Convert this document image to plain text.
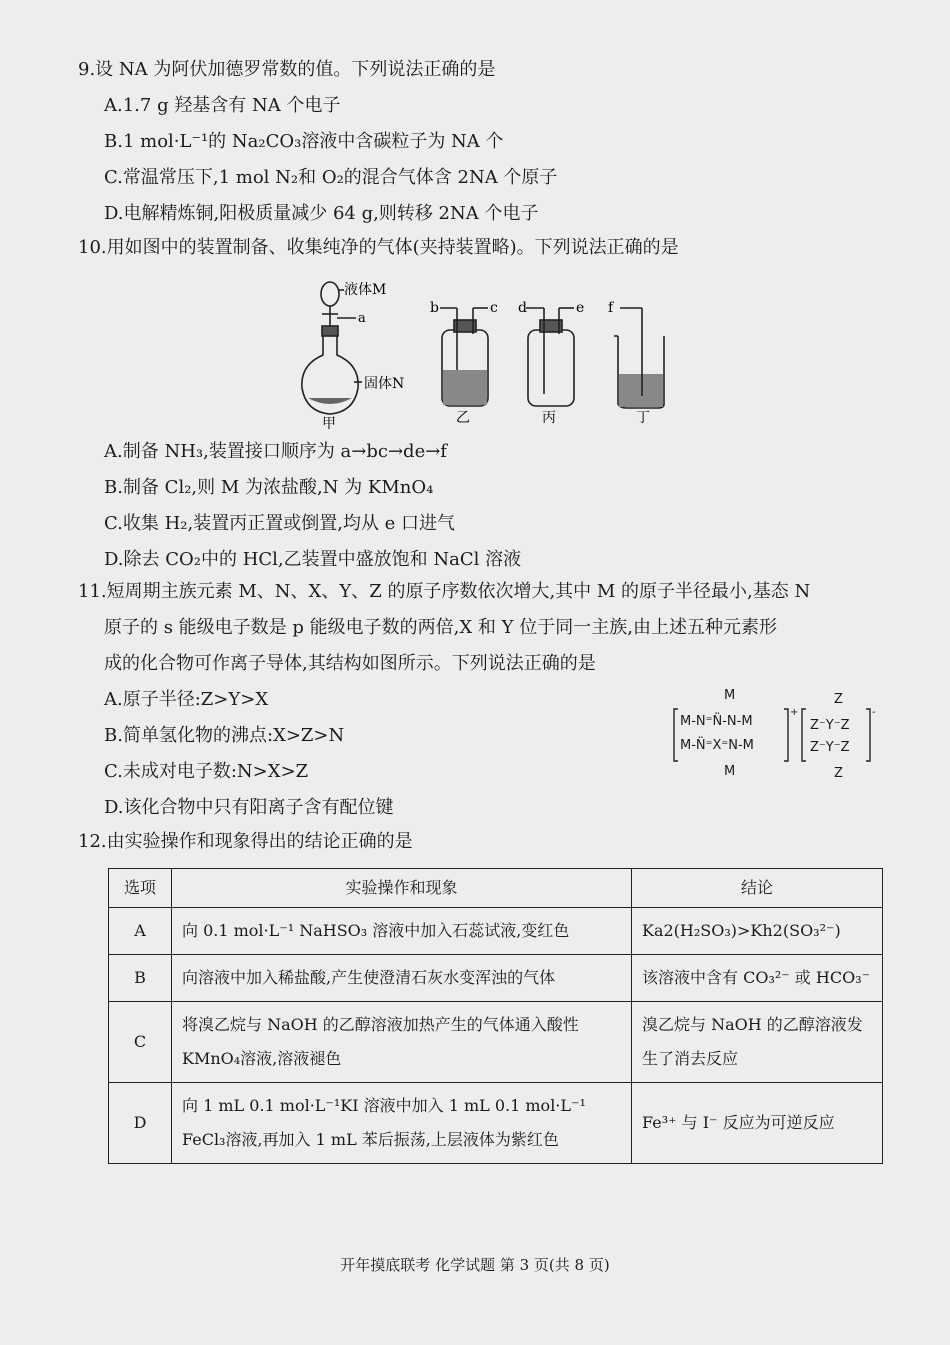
9.设 NA 为阿伏加德罗常数的值。下列说法正确的是
A.1.7 g 羟基含有 NA 个电子
B.1 mol·L⁻¹的 Na₂CO₃溶液中含碳粒子为 NA 个
C.常温常压下,1 mol N₂和 O₂的混合气体含 2NA 个原子
D.电解精炼铜,阳极质量减少 64 g,则转移 2NA 个电子
10.用如图中的装置制备、收集纯净的气体(夹持装置略)。下列说法正确的是
液体M
a
固体N
甲
b	c
乙
d	e
丙
f
丁
A.制备 NH₃,装置接口顺序为 a→bc→de→f
B.制备 Cl₂,则 M 为浓盐酸,N 为 KMnO₄
C.收集 H₂,装置丙正置或倒置,均从 e 口进气
D.除去 CO₂中的 HCl,乙装置中盛放饱和 NaCl 溶液
11.短周期主族元素 M、N、X、Y、Z 的原子序数依次增大,其中 M 的原子半径最小,基态 N
原子的 s 能级电子数是 p 能级电子数的两倍,X 和 Y 位于同一主族,由上述五种元素形
成的化合物可作离子导体,其结构如图所示。下列说法正确的是
A.原子半径:Z>Y>X
B.简单氢化物的沸点:X>Z>N
C.未成对电子数:N>X>Z
D.该化合物中只有阳离子含有配位键
M
M-N⁼N̈-N-M
M-N̈⁼X⁼N-M
M
+
Z
Z⁻Y⁻Z
Z⁻Y⁻Z
Z
-
12.由实验操作和现象得出的结论正确的是
选项	实验操作和现象	结论
A	向 0.1 mol·L⁻¹ NaHSO₃ 溶液中加入石蕊试液,变红色	Ka2(H₂SO₃)>Kh2(SO₃²⁻)
B	向溶液中加入稀盐酸,产生使澄清石灰水变浑浊的气体	该溶液中含有 CO₃²⁻ 或 HCO₃⁻
C	将溴乙烷与 NaOH 的乙醇溶液加热产生的气体通入酸性 KMnO₄溶液,溶液褪色	溴乙烷与 NaOH 的乙醇溶液发生了消去反应
D	向 1 mL 0.1 mol·L⁻¹KI 溶液中加入 1 mL 0.1 mol·L⁻¹ FeCl₃溶液,再加入 1 mL 苯后振荡,上层液体为紫红色	Fe³⁺ 与 I⁻ 反应为可逆反应
开年摸底联考 化学试题 第 3 页(共 8 页)
